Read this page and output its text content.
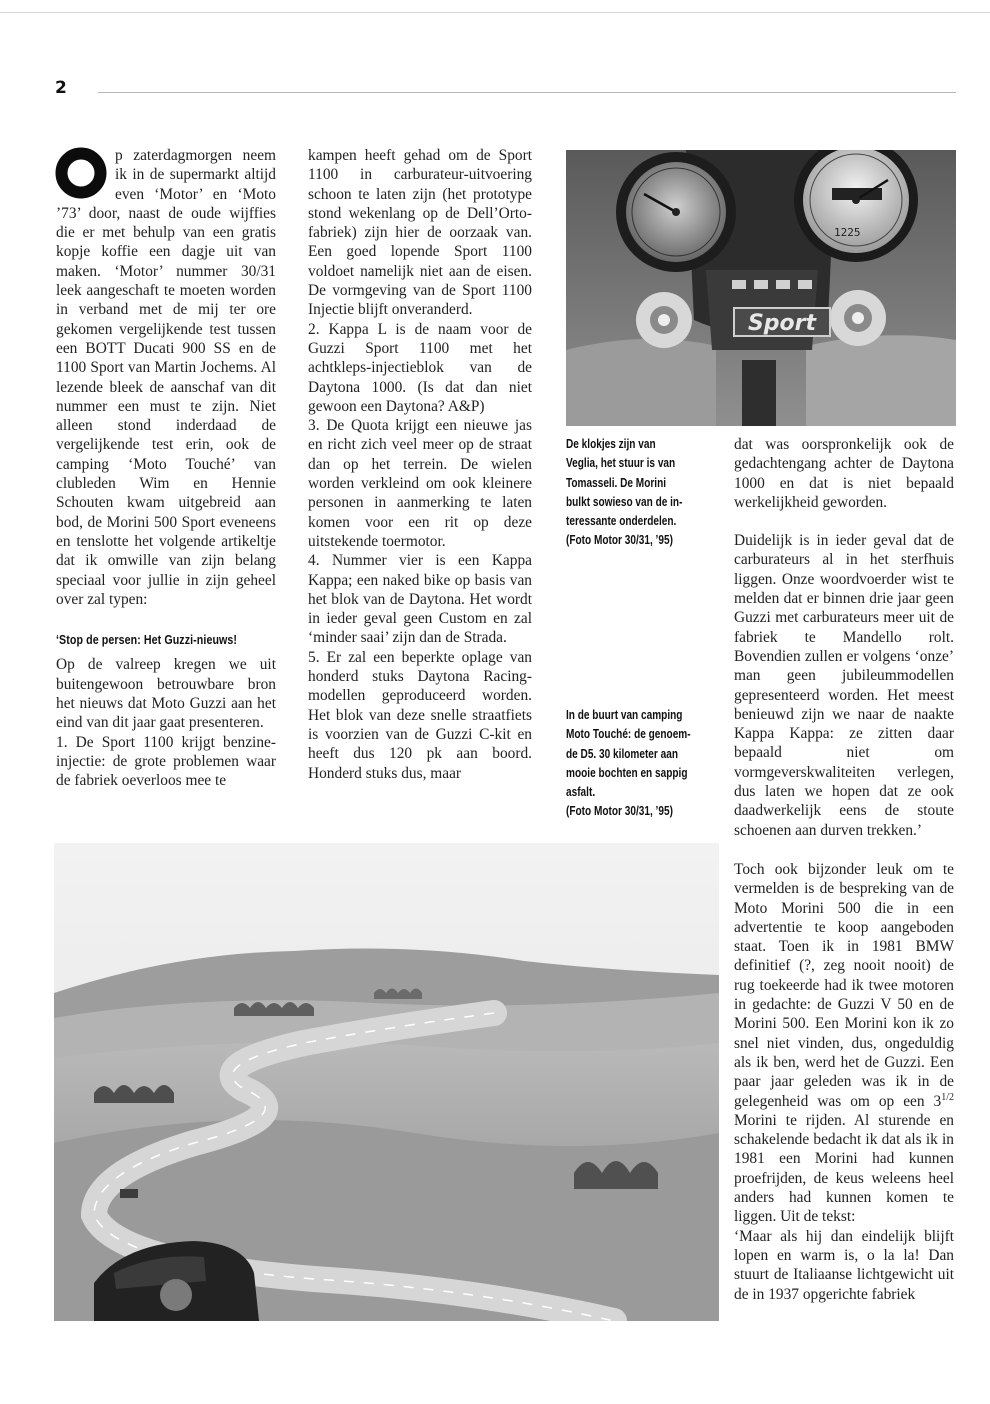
2

p zaterdagmorgen neem ik in de supermarkt altijd even ‘Motor’ en ‘Moto ’73’ door, naast de oude wijffies die er met behulp van een gratis kopje koffie een dagje uit van maken. ‘Motor’ nummer 30/31 leek aangeschaft te moeten worden in verband met de mij ter ore gekomen vergelijkende test tussen een BOTT Ducati 900 SS en de 1100 Sport van Martin Jochems. Al lezende bleek de aanschaf van dit nummer een must te zijn. Niet alleen stond inderdaad de vergelijkende test erin, ook de camping ‘Moto Touché’ van clubleden Wim en Hennie Schouten kwam uitgebreid aan bod, de Morini 500 Sport eveneens en tenslotte het volgende artikeltje dat ik omwille van zijn belang speciaal voor jullie in zijn geheel over zal typen:

‘Stop de persen: Het Guzzi-nieuws!

Op de valreep kregen we uit buitengewoon betrouwbare bron het nieuws dat Moto Guzzi aan het eind van dit jaar gaat presenteren.

1. De Sport 1100 krijgt benzine-injectie: de grote problemen waar de fabriek oeverloos mee te

kampen heeft gehad om de Sport 1100 in carburateur-uitvoering schoon te laten zijn (het prototype stond wekenlang op de Dell’Orto-fabriek) zijn hier de oorzaak van. Een goed lopende Sport 1100 voldoet namelijk niet aan de eisen. De vormgeving van de Sport 1100 Injectie blijft onveranderd.

2. Kappa L is de naam voor de Guzzi Sport 1100 met het achtkleps-injectieblok van de Daytona 1000. (Is dat dan niet gewoon een Daytona? A&P)

3. De Quota krijgt een nieuwe jas en richt zich veel meer op de straat dan op het terrein. De wielen worden verkleind om ook kleinere personen in aanmerking te laten komen voor een rit op deze uitstekende toermotor.

4. Nummer vier is een Kappa Kappa; een naked bike op basis van het blok van de Daytona. Het wordt in ieder geval geen Custom en zal ‘minder saai’ zijn dan de Strada.

5. Er zal een beperkte oplage van honderd stuks Daytona Racing-modellen geproduceerd worden. Het blok van deze snelle straatfiets is voorzien van de Guzzi C-kit en heeft dus 120 pk aan boord. Honderd stuks dus, maar

1225
Sport
De klokjes zijn van
Veglia, het stuur is van
Tomasseli. De Morini
bulkt sowieso van de in-
teressante onderdelen.
(Foto Motor 30/31, ’95)
In de buurt van camping
Moto Touché: de genoem-
de D5. 30 kilometer aan
mooie bochten en sappig
asfalt.
(Foto Motor 30/31, ’95)

dat was oorspronkelijk ook de gedachtengang achter de Daytona 1000 en dat is niet bepaald werkelijkheid geworden.

Duidelijk is in ieder geval dat de carburateurs al in het sterfhuis liggen. Onze woordvoerder wist te melden dat er binnen drie jaar geen Guzzi met carburateurs meer uit de fabriek te Mandello rolt. Bovendien zullen er volgens ‘onze’ man geen jubileummodellen gepresenteerd worden. Het meest benieuwd zijn we naar de naakte Kappa Kappa: ze zitten daar bepaald niet om vormgeverskwaliteiten verlegen, dus laten we hopen dat ze ook daadwerkelijk eens de stoute schoenen aan durven trekken.’

Toch ook bijzonder leuk om te vermelden is de bespreking van de Moto Morini 500 die in een advertentie te koop aangeboden staat. Toen ik in 1981 BMW definitief (?, zeg nooit nooit) de rug toekeerde had ik twee motoren in gedachte: de Guzzi V 50 en de Morini 500. Een Morini kon ik zo snel niet vinden, dus, ongeduldig als ik ben, werd het de Guzzi. Een paar jaar geleden was ik in de gelegenheid was om op een $3^{1/2}$ Morini te rijden. Al sturende en schakelende bedacht ik dat als ik in 1981 een Morini had kunnen proefrijden, de keus weleens heel anders had kunnen komen te liggen. Uit de tekst:

‘Maar als hij dan eindelijk blijft lopen en warm is, o la la! Dan stuurt de Italiaanse lichtgewicht uit de in 1937 opgerichte fabriek
